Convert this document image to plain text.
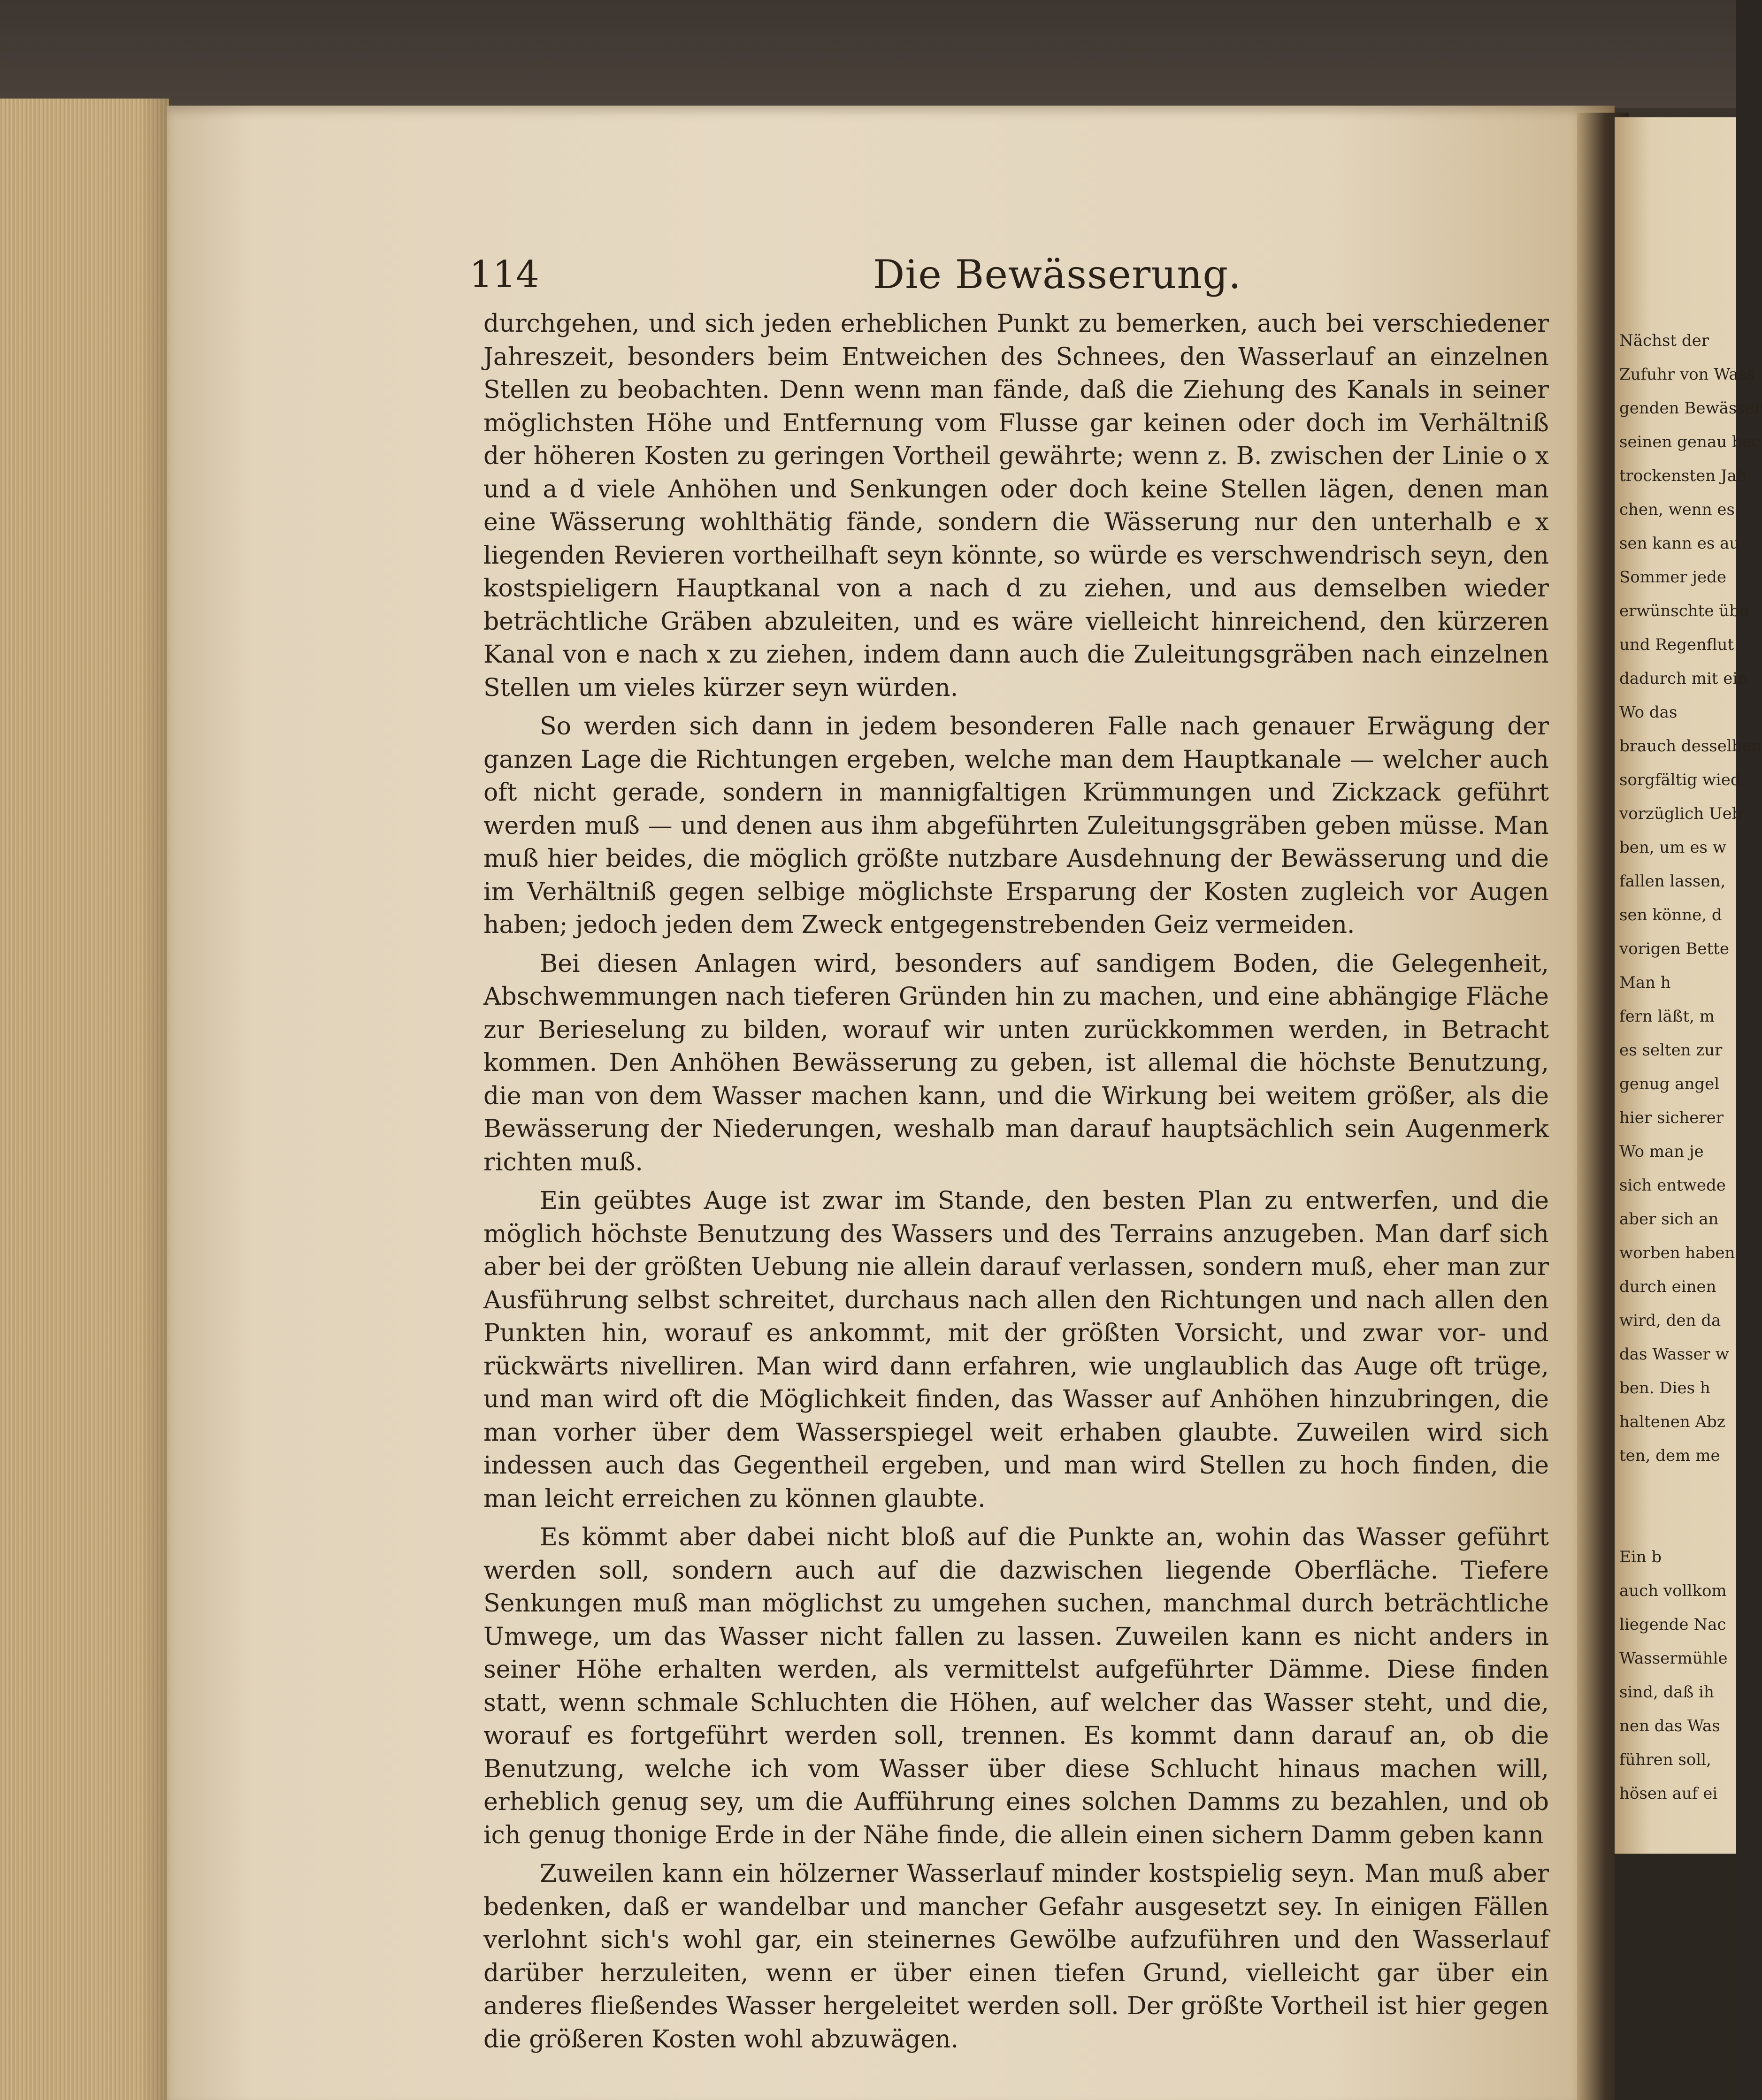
114	Die Bewässerung.

durchgehen, und sich jeden erheblichen Punkt zu bemerken, auch bei verschiedener Jahreszeit, besonders beim Entweichen des Schnees, den Wasserlauf an einzelnen Stellen zu beobachten. Denn wenn man fände, daß die Ziehung des Kanals in seiner möglichsten Höhe und Entfernung vom Flusse gar keinen oder doch im Verhältniß der höheren Kosten zu geringen Vortheil gewährte; wenn z. B. zwischen der Linie o x und a d viele Anhöhen und Senkungen oder doch keine Stellen lägen, denen man eine Wässerung wohlthätig fände, sondern die Wässerung nur den unterhalb e x liegenden Revieren vortheilhaft seyn könnte, so würde es verschwendrisch seyn, den kostspieligern Hauptkanal von a nach d zu ziehen, und aus demselben wieder beträchtliche Gräben abzuleiten, und es wäre vielleicht hinreichend, den kürzeren Kanal von e nach x zu ziehen, indem dann auch die Zuleitungsgräben nach einzelnen Stellen um vieles kürzer seyn würden.

So werden sich dann in jedem besonderen Falle nach genauer Erwägung der ganzen Lage die Richtungen ergeben, welche man dem Hauptkanale — welcher auch oft nicht gerade, sondern in mannigfaltigen Krümmungen und Zickzack geführt werden muß — und denen aus ihm abgeführten Zuleitungsgräben geben müsse. Man muß hier beides, die möglich größte nutzbare Ausdehnung der Bewässerung und die im Verhältniß gegen selbige möglichste Ersparung der Kosten zugleich vor Augen haben; jedoch jeden dem Zweck entgegenstrebenden Geiz vermeiden.

Bei diesen Anlagen wird, besonders auf sandigem Boden, die Gelegenheit, Abschwemmungen nach tieferen Gründen hin zu machen, und eine abhängige Fläche zur Berieselung zu bilden, worauf wir unten zurückkommen werden, in Betracht kommen. Den Anhöhen Bewässerung zu geben, ist allemal die höchste Benutzung, die man von dem Wasser machen kann, und die Wirkung bei weitem größer, als die Bewässerung der Niederungen, weshalb man darauf hauptsächlich sein Augenmerk richten muß.

Ein geübtes Auge ist zwar im Stande, den besten Plan zu entwerfen, und die möglich höchste Benutzung des Wassers und des Terrains anzugeben. Man darf sich aber bei der größten Uebung nie allein darauf verlassen, sondern muß, eher man zur Ausführung selbst schreitet, durchaus nach allen den Richtungen und nach allen den Punkten hin, worauf es ankommt, mit der größten Vorsicht, und zwar vor- und rückwärts nivelliren. Man wird dann erfahren, wie unglaublich das Auge oft trüge, und man wird oft die Möglichkeit finden, das Wasser auf Anhöhen hinzubringen, die man vorher über dem Wasserspiegel weit erhaben glaubte. Zuweilen wird sich indessen auch das Gegentheil ergeben, und man wird Stellen zu hoch finden, die man leicht erreichen zu können glaubte.

Es kömmt aber dabei nicht bloß auf die Punkte an, wohin das Wasser geführt werden soll, sondern auch auf die dazwischen liegende Oberfläche. Tiefere Senkungen muß man möglichst zu umgehen suchen, manchmal durch beträchtliche Umwege, um das Wasser nicht fallen zu lassen. Zuweilen kann es nicht anders in seiner Höhe erhalten werden, als vermittelst aufgeführter Dämme. Diese finden statt, wenn schmale Schluchten die Höhen, auf welcher das Wasser steht, und die, worauf es fortgeführt werden soll, trennen. Es kommt dann darauf an, ob die Benutzung, welche ich vom Wasser über diese Schlucht hinaus machen will, erheblich genug sey, um die Aufführung eines solchen Damms zu bezahlen, und ob ich genug thonige Erde in der Nähe finde, die allein einen sichern Damm geben kann

Zuweilen kann ein hölzerner Wasserlauf minder kostspielig seyn. Man muß aber bedenken, daß er wandelbar und mancher Gefahr ausgesetzt sey. In einigen Fällen verlohnt sich's wohl gar, ein steinernes Gewölbe aufzuführen und den Wasserlauf darüber herzuleiten, wenn er über einen tiefen Grund, vielleicht gar über ein anderes fließendes Wasser hergeleitet werden soll. Der größte Vortheil ist hier gegen die größeren Kosten wohl abzuwägen.

Nächst der
Zufuhr von Wass
genden Bewässer
seinen genau bec
trockensten Jah
chen, wenn es
sen kann es au
Sommer jede
erwünschte übe
und Regenflut
dadurch mit ein
Wo das
brauch desselben
sorgfältig wied
vorzüglich Ueb
ben, um es w
fallen lassen,
sen könne, d
vorigen Bette
Man h
fern läßt, m
es selten zur
genug angel
hier sicherer
Wo man je
sich entwede
aber sich an
worben haben
durch einen
wird, den da
das Wasser w
ben. Dies h
haltenen Abz
ten, dem me
Ein b
auch vollkom
liegende Nac
Wassermühle
sind, daß ih
nen das Was
führen soll,
hösen auf ei
